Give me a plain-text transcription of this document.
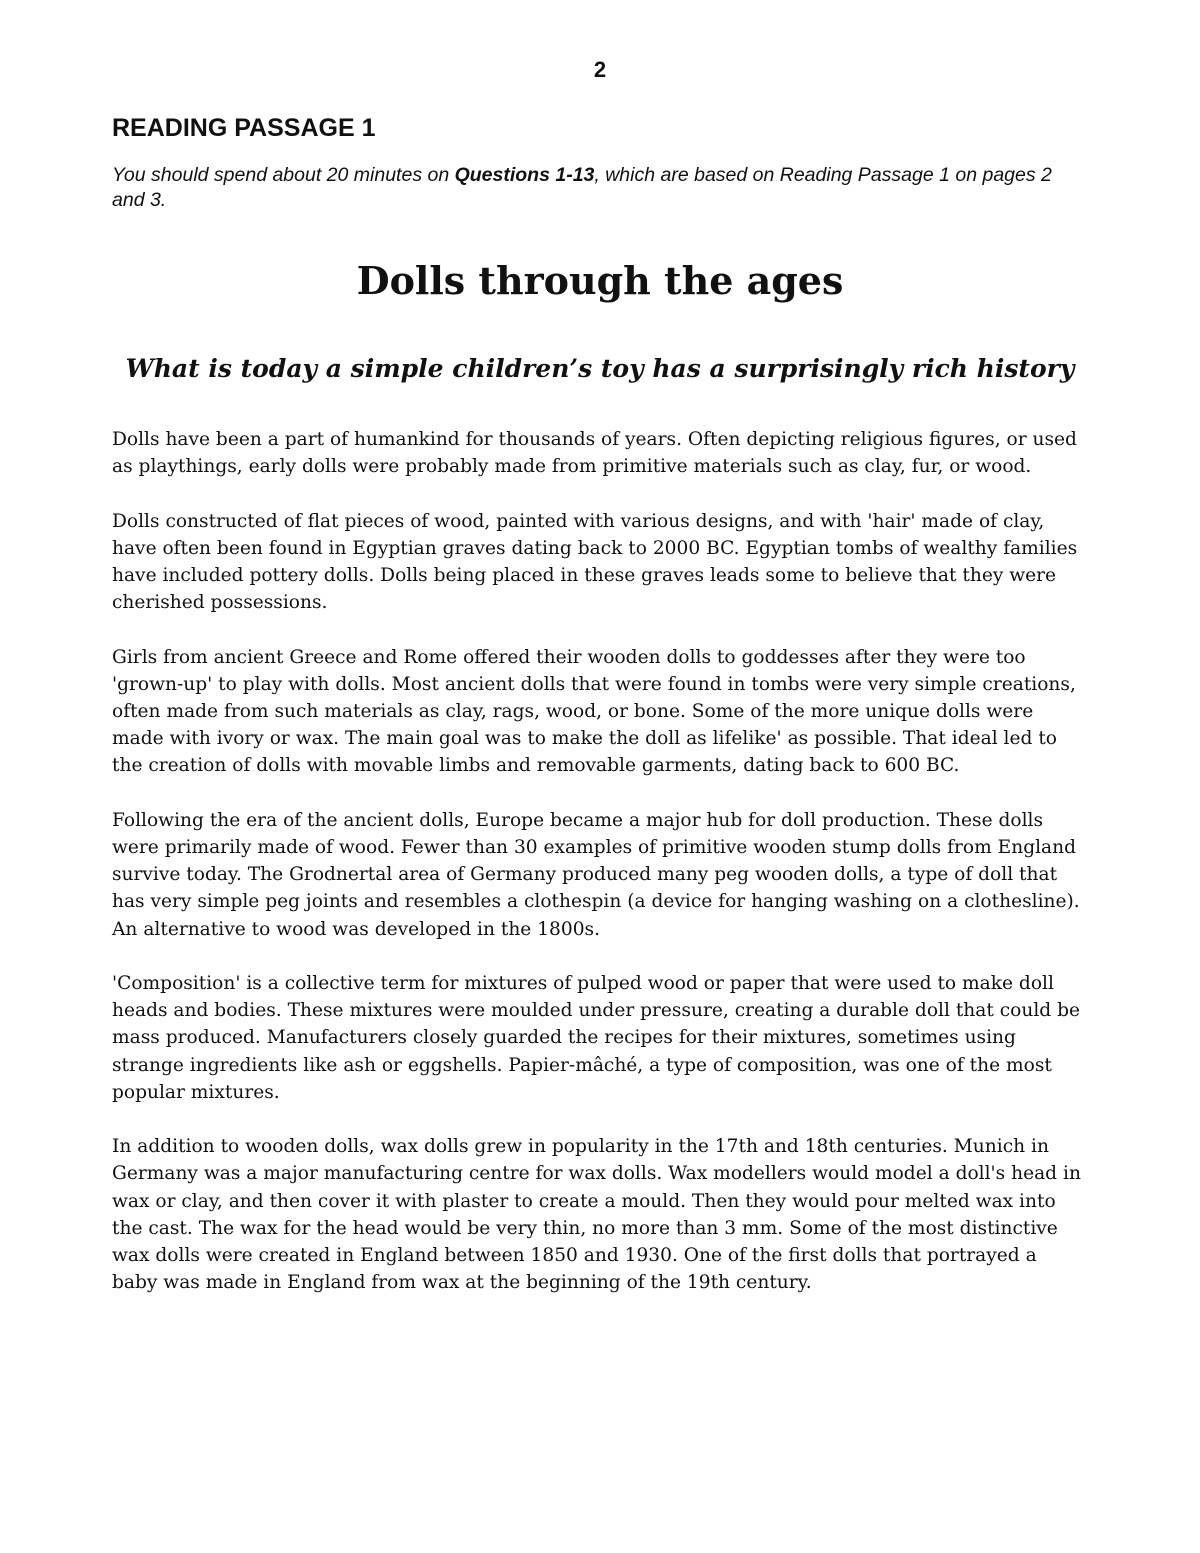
2
READING PASSAGE 1

You should spend about 20 minutes on Questions 1-13, which are based on Reading Passage 1 on pages 2 and 3.

Dolls through the ages
What is today a simple children’s toy has a surprisingly rich history

Dolls have been a part of humankind for thousands of years. Often depicting religious figures, or used as playthings, early dolls were probably made from primitive materials such as clay, fur, or wood.

Dolls constructed of flat pieces of wood, painted with various designs, and with 'hair' made of clay, have often been found in Egyptian graves dating back to 2000 BC. Egyptian tombs of wealthy families have included pottery dolls. Dolls being placed in these graves leads some to believe that they were cherished possessions.

Girls from ancient Greece and Rome offered their wooden dolls to goddesses after they were too 'grown-up' to play with dolls. Most ancient dolls that were found in tombs were very simple creations, often made from such materials as clay, rags, wood, or bone. Some of the more unique dolls were made with ivory or wax. The main goal was to make the doll as lifelike' as possible. That ideal led to the creation of dolls with movable limbs and removable garments, dating back to 600 BC.

Following the era of the ancient dolls, Europe became a major hub for doll production. These dolls were primarily made of wood. Fewer than 30 examples of primitive wooden stump dolls from England survive today. The Grodnertal area of Germany produced many peg wooden dolls, a type of doll that has very simple peg joints and resembles a clothespin (a device for hanging washing on a clothesline). An alternative to wood was developed in the 1800s.

'Composition' is a collective term for mixtures of pulped wood or paper that were used to make doll heads and bodies. These mixtures were moulded under pressure, creating a durable doll that could be mass produced. Manufacturers closely guarded the recipes for their mixtures, sometimes using strange ingredients like ash or eggshells. Papier-mâché, a type of composition, was one of the most popular mixtures.

In addition to wooden dolls, wax dolls grew in popularity in the 17th and 18th centuries. Munich in Germany was a major manufacturing centre for wax dolls. Wax modellers would model a doll's head in wax or clay, and then cover it with plaster to create a mould. Then they would pour melted wax into the cast. The wax for the head would be very thin, no more than 3 mm. Some of the most distinctive wax dolls were created in England between 1850 and 1930. One of the first dolls that portrayed a baby was made in England from wax at the beginning of the 19th century.
